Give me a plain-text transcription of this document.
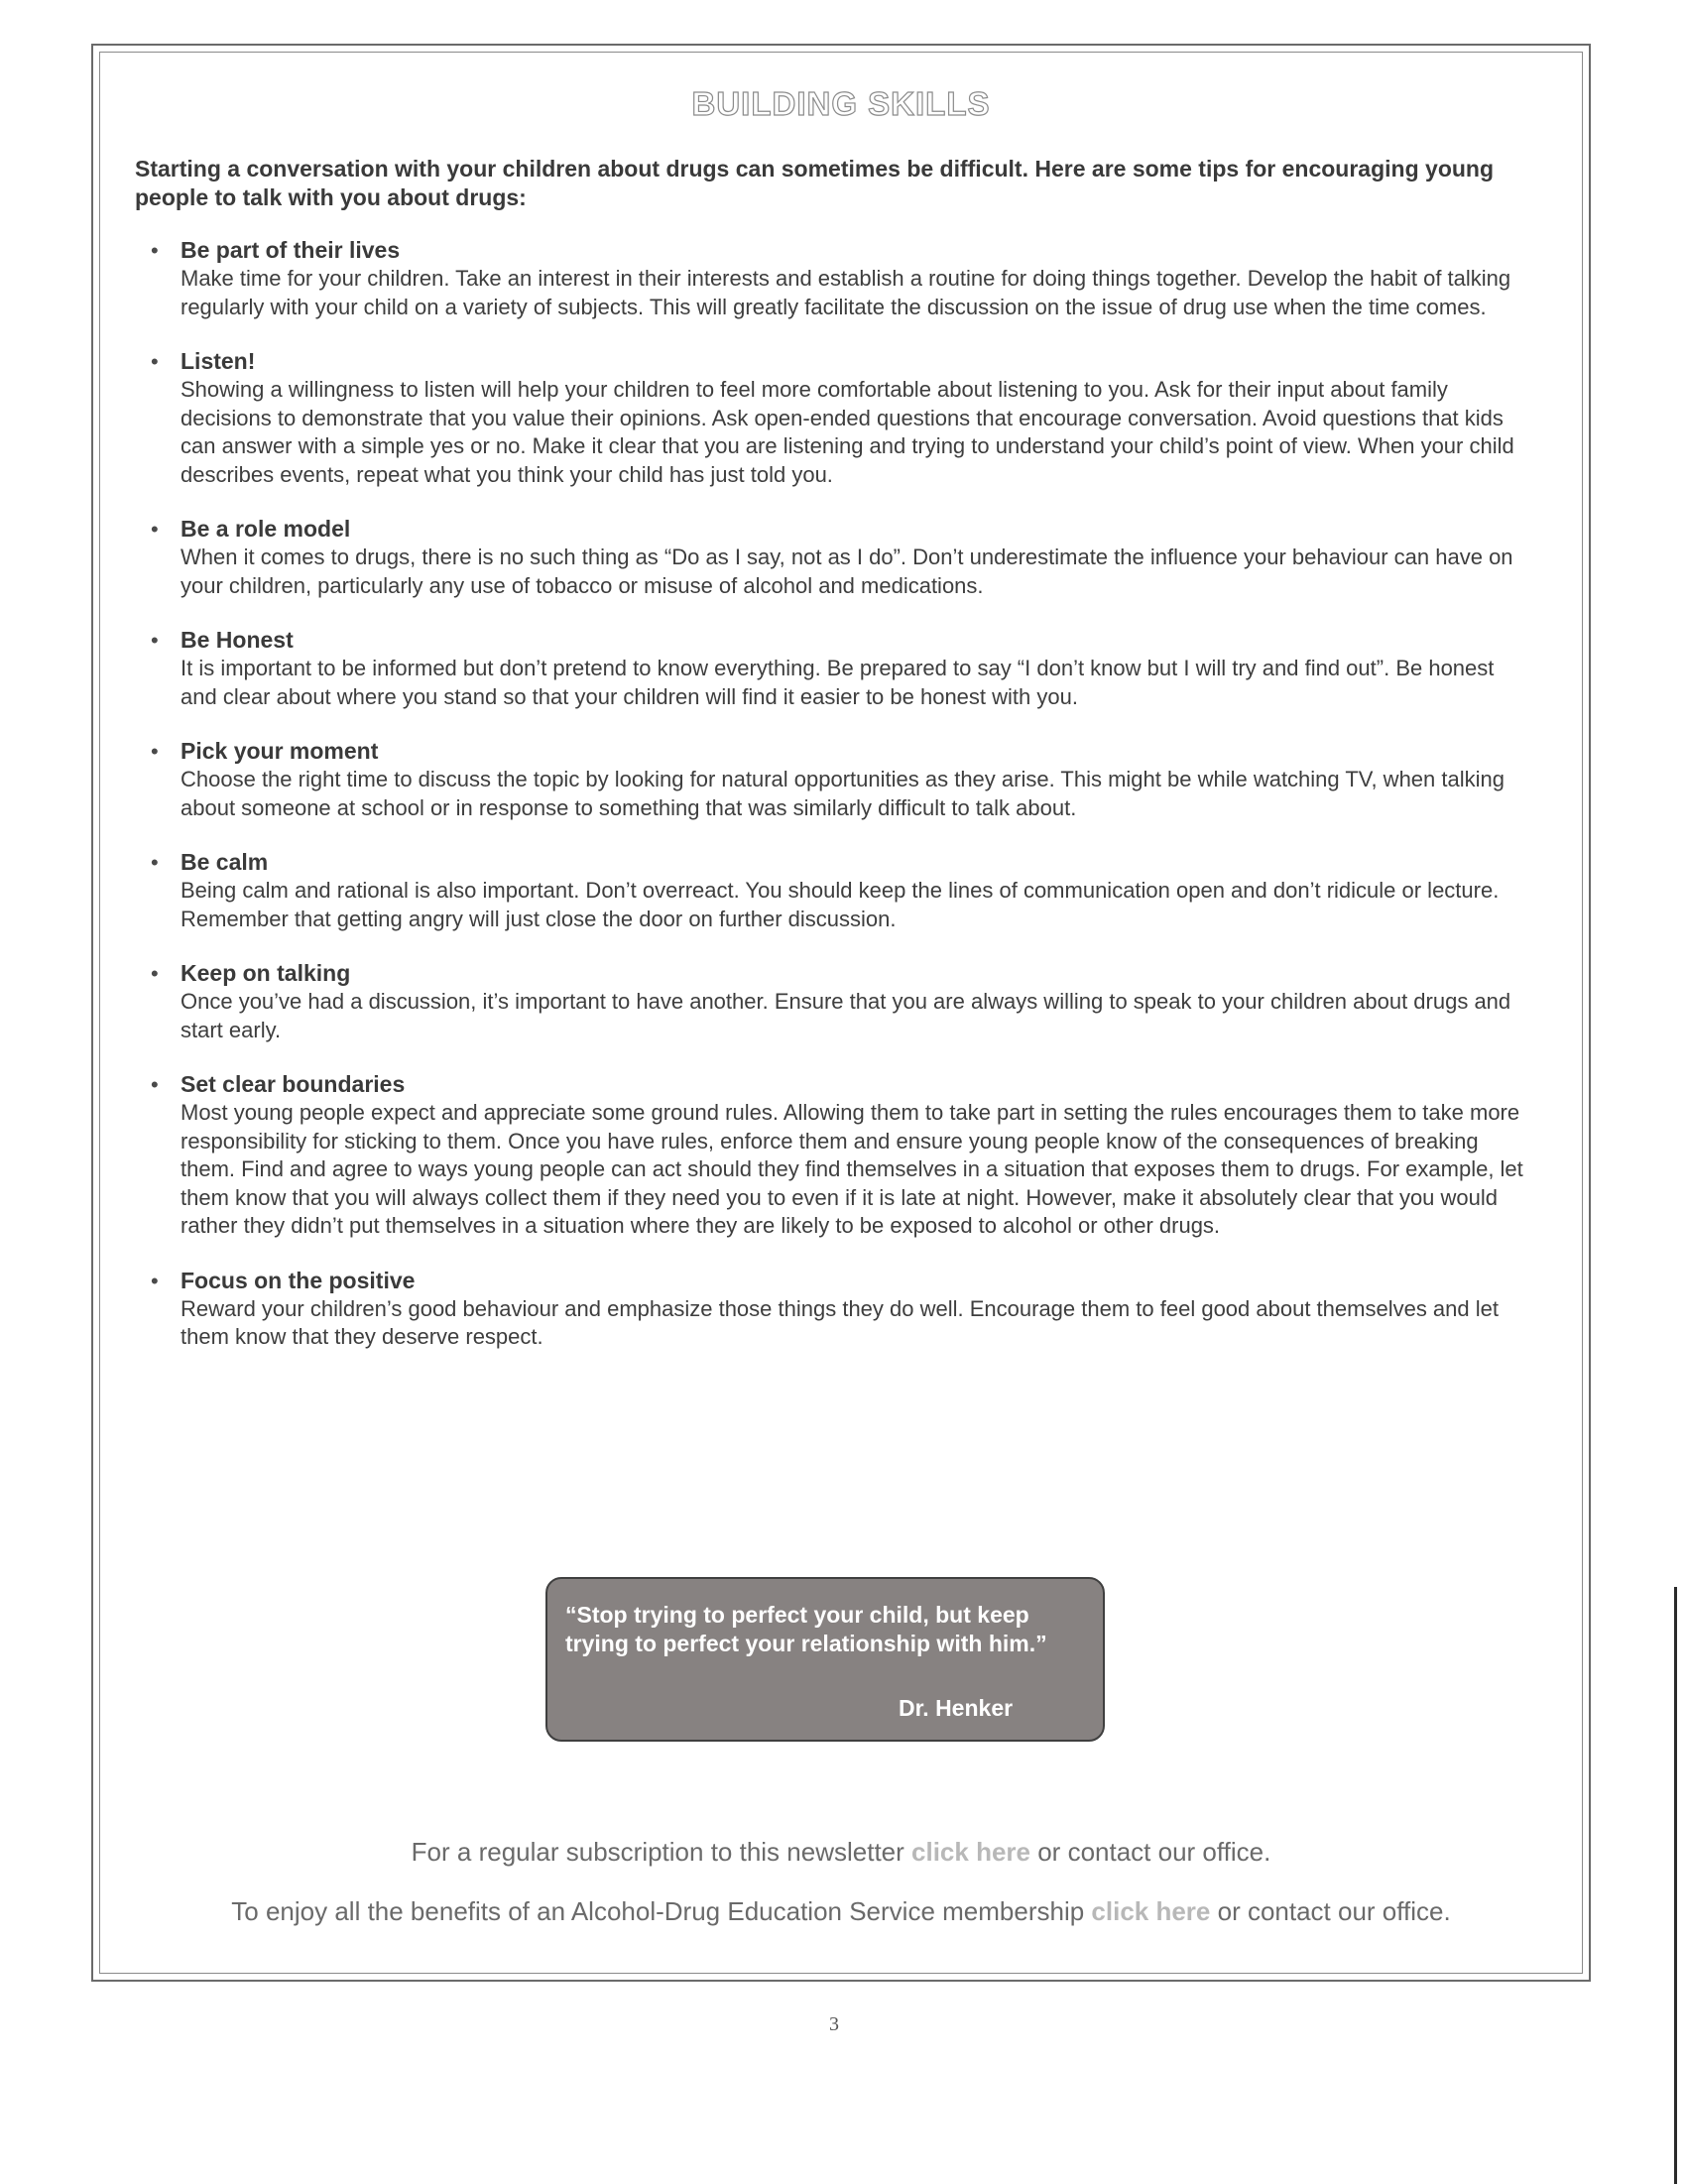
BUILDING SKILLS
Starting a conversation with your children about drugs can sometimes be difficult. Here are some tips for encouraging young people to talk with you about drugs:
• Be part of their lives
Make time for your children. Take an interest in their interests and establish a routine for doing things together. Develop the habit of talking regularly with your child on a variety of subjects. This will greatly facilitate the discussion on the issue of drug use when the time comes.
• Listen!
Showing a willingness to listen will help your children to feel more comfortable about listening to you. Ask for their input about family decisions to demonstrate that you value their opinions. Ask open-ended questions that encourage conversation. Avoid questions that kids can answer with a simple yes or no. Make it clear that you are listening and trying to understand your child’s point of view. When your child describes events, repeat what you think your child has just told you.
• Be a role model
When it comes to drugs, there is no such thing as “Do as I say, not as I do”. Don’t underestimate the influence your behaviour can have on your children, particularly any use of tobacco or misuse of alcohol and medications.
• Be Honest
It is important to be informed but don’t pretend to know everything. Be prepared to say “I don’t know but I will try and find out”. Be honest and clear about where you stand so that your children will find it easier to be honest with you.
• Pick your moment
Choose the right time to discuss the topic by looking for natural opportunities as they arise. This might be while watching TV, when talking about someone at school or in response to something that was similarly difficult to talk about.
• Be calm
Being calm and rational is also important. Don’t overreact. You should keep the lines of communication open and don’t ridicule or lecture. Remember that getting angry will just close the door on further discussion.
• Keep on talking
Once you’ve had a discussion, it’s important to have another. Ensure that you are always willing to speak to your children about drugs and start early.
• Set clear boundaries
Most young people expect and appreciate some ground rules. Allowing them to take part in setting the rules encourages them to take more responsibility for sticking to them. Once you have rules, enforce them and ensure young people know of the consequences of breaking them. Find and agree to ways young people can act should they find themselves in a situation that exposes them to drugs. For example, let them know that you will always collect them if they need you to even if it is late at night. However, make it absolutely clear that you would rather they didn’t put themselves in a situation where they are likely to be exposed to alcohol or other drugs.
• Focus on the positive
Reward your children’s good behaviour and emphasize those things they do well. Encourage them to feel good about themselves and let them know that they deserve respect.
“Stop trying to perfect your child, but keep trying to perfect your relationship with him.”
Dr. Henker
For a regular subscription to this newsletter click here or contact our office.
To enjoy all the benefits of an Alcohol-Drug Education Service membership click here or contact our office.
3
